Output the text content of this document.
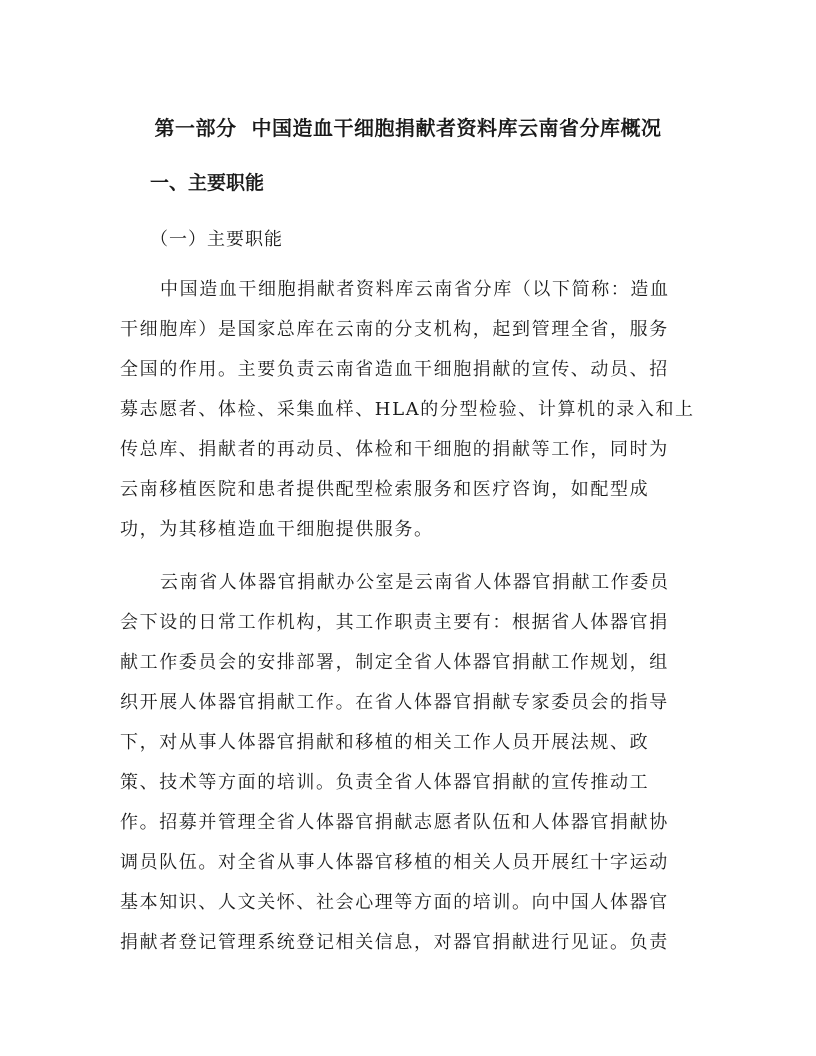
第一部分  中国造血干细胞捐献者资料库云南省分库概况
一、主要职能
（一）主要职能
中国造血干细胞捐献者资料库云南省分库（以下简称：造血
干细胞库）是国家总库在云南的分支机构，起到管理全省，服务
全国的作用。主要负责云南省造血干细胞捐献的宣传、动员、招
募志愿者、体检、采集血样、HLA的分型检验、计算机的录入和上
传总库、捐献者的再动员、体检和干细胞的捐献等工作，同时为
云南移植医院和患者提供配型检索服务和医疗咨询，如配型成
功，为其移植造血干细胞提供服务。
云南省人体器官捐献办公室是云南省人体器官捐献工作委员
会下设的日常工作机构，其工作职责主要有：根据省人体器官捐
献工作委员会的安排部署，制定全省人体器官捐献工作规划，组
织开展人体器官捐献工作。在省人体器官捐献专家委员会的指导
下，对从事人体器官捐献和移植的相关工作人员开展法规、政
策、技术等方面的培训。负责全省人体器官捐献的宣传推动工
作。招募并管理全省人体器官捐献志愿者队伍和人体器官捐献协
调员队伍。对全省从事人体器官移植的相关人员开展红十字运动
基本知识、人文关怀、社会心理等方面的培训。向中国人体器官
捐献者登记管理系统登记相关信息，对器官捐献进行见证。负责
